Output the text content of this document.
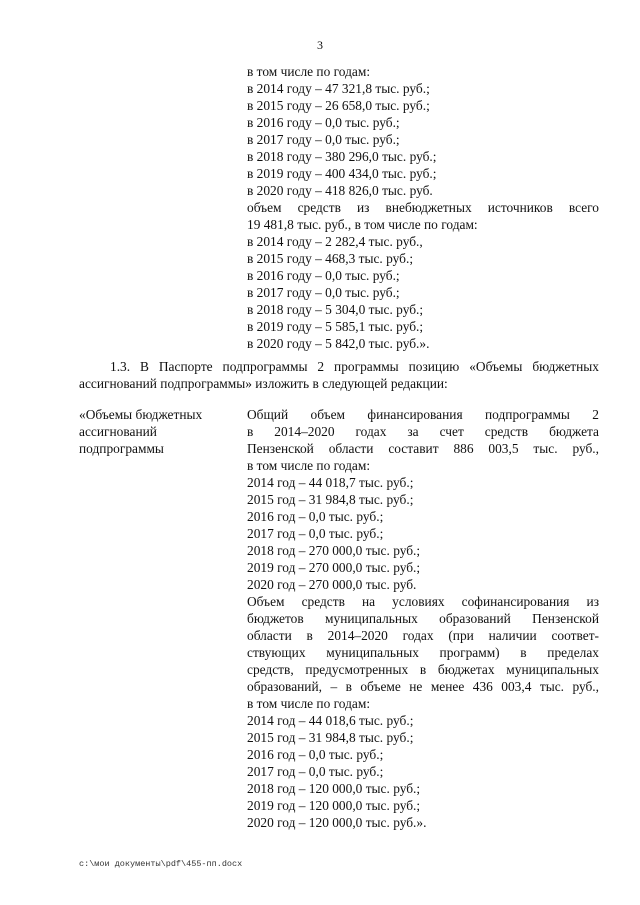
3
в том числе по годам:
в 2014 году – 47 321,8 тыс. руб.;
в 2015 году – 26 658,0 тыс. руб.;
в 2016 году – 0,0 тыс. руб.;
в 2017 году – 0,0 тыс. руб.;
в 2018 году – 380 296,0 тыс. руб.;
в 2019 году – 400 434,0 тыс. руб.;
в 2020 году – 418 826,0 тыс. руб.
объем средств из внебюджетных источников всего
19 481,8 тыс. руб., в том числе по годам:
в 2014 году – 2 282,4 тыс. руб.,
в 2015 году – 468,3 тыс. руб.;
в 2016 году – 0,0 тыс. руб.;
в 2017 году – 0,0 тыс. руб.;
в 2018 году – 5 304,0 тыс. руб.;
в 2019 году – 5 585,1 тыс. руб.;
в 2020 году – 5 842,0 тыс. руб.».
1.3. В Паспорте подпрограммы 2 программы позицию «Объемы бюджетных
ассигнований подпрограммы» изложить в следующей редакции:
«Объемы бюджетных
ассигнований
подпрограммы
Общий объем финансирования подпрограммы 2
в 2014–2020 годах за счет средств бюджета
Пензенской области составит 886 003,5 тыс. руб.,
в том числе по годам:
2014 год – 44 018,7 тыс. руб.;
2015 год – 31 984,8 тыс. руб.;
2016 год – 0,0 тыс. руб.;
2017 год – 0,0 тыс. руб.;
2018 год – 270 000,0 тыс. руб.;
2019 год – 270 000,0 тыс. руб.;
2020 год – 270 000,0 тыс. руб.
Объем средств на условиях софинансирования из
бюджетов муниципальных образований Пензенской
области в 2014–2020 годах (при наличии соответ-
ствующих муниципальных программ) в пределах
средств, предусмотренных в бюджетах муниципальных
образований, – в объеме не менее 436 003,4 тыс. руб.,
в том числе по годам:
2014 год – 44 018,6 тыс. руб.;
2015 год – 31 984,8 тыс. руб.;
2016 год – 0,0 тыс. руб.;
2017 год – 0,0 тыс. руб.;
2018 год – 120 000,0 тыс. руб.;
2019 год – 120 000,0 тыс. руб.;
2020 год – 120 000,0 тыс. руб.».
c:\мои документы\pdf\455-пп.docx
